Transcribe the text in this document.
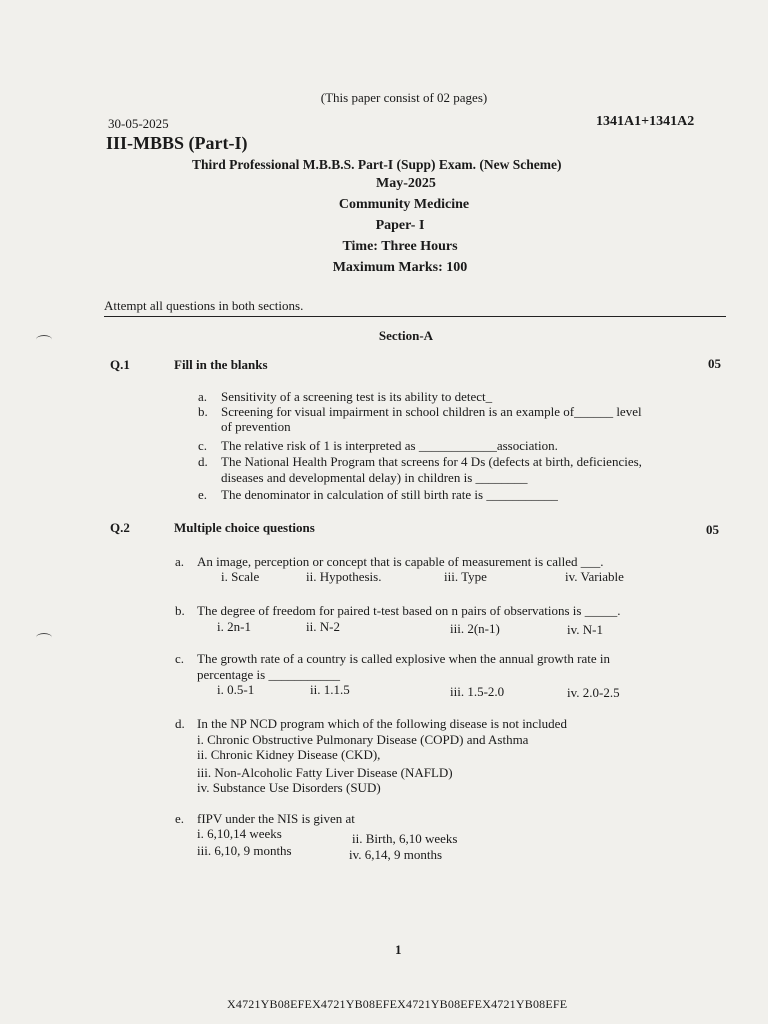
(This paper consist of 02 pages)
30-05-2025	1341A1+1341A2
III-MBBS (Part-I)
Third Professional M.B.B.S. Part-I (Supp) Exam. (New Scheme)
May-2025
Community Medicine
Paper- I
Time: Three Hours
Maximum Marks: 100
Attempt all questions in both sections.
Section-A
Q.1	Fill in the blanks	05
a. Sensitivity of a screening test is its ability to detect_
b. Screening for visual impairment in school children is an example of______ level
of prevention
c. The relative risk of 1 is interpreted as ____________association.
d. The National Health Program that screens for 4 Ds (defects at birth, deficiencies,
diseases and developmental delay) in children is ________
e. The denominator in calculation of still birth rate is ___________
Q.2	Multiple choice questions	05
a. An image, perception or concept that is capable of measurement is called ___.
i. Scale	ii. Hypothesis.	iii. Type	iv. Variable
b. The degree of freedom for paired t-test based on n pairs of observations is _____.
i. 2n-1	ii. N-2	iii. 2(n-1)	iv. N-1
c. The growth rate of a country is called explosive when the annual growth rate in
percentage is ___________
i. 0.5-1	ii. 1.1.5	iii. 1.5-2.0	iv. 2.0-2.5
d. In the NP NCD program which of the following disease is not included
i. Chronic Obstructive Pulmonary Disease (COPD) and Asthma
ii. Chronic Kidney Disease (CKD),
iii. Non-Alcoholic Fatty Liver Disease (NAFLD)
iv. Substance Use Disorders (SUD)
e. fIPV under the NIS is given at
i. 6,10,14 weeks	ii. Birth, 6,10 weeks
iii. 6,10, 9 months	iv. 6,14, 9 months
1
X4721YB08EFEX4721YB08EFEX4721YB08EFEX4721YB08EFE
